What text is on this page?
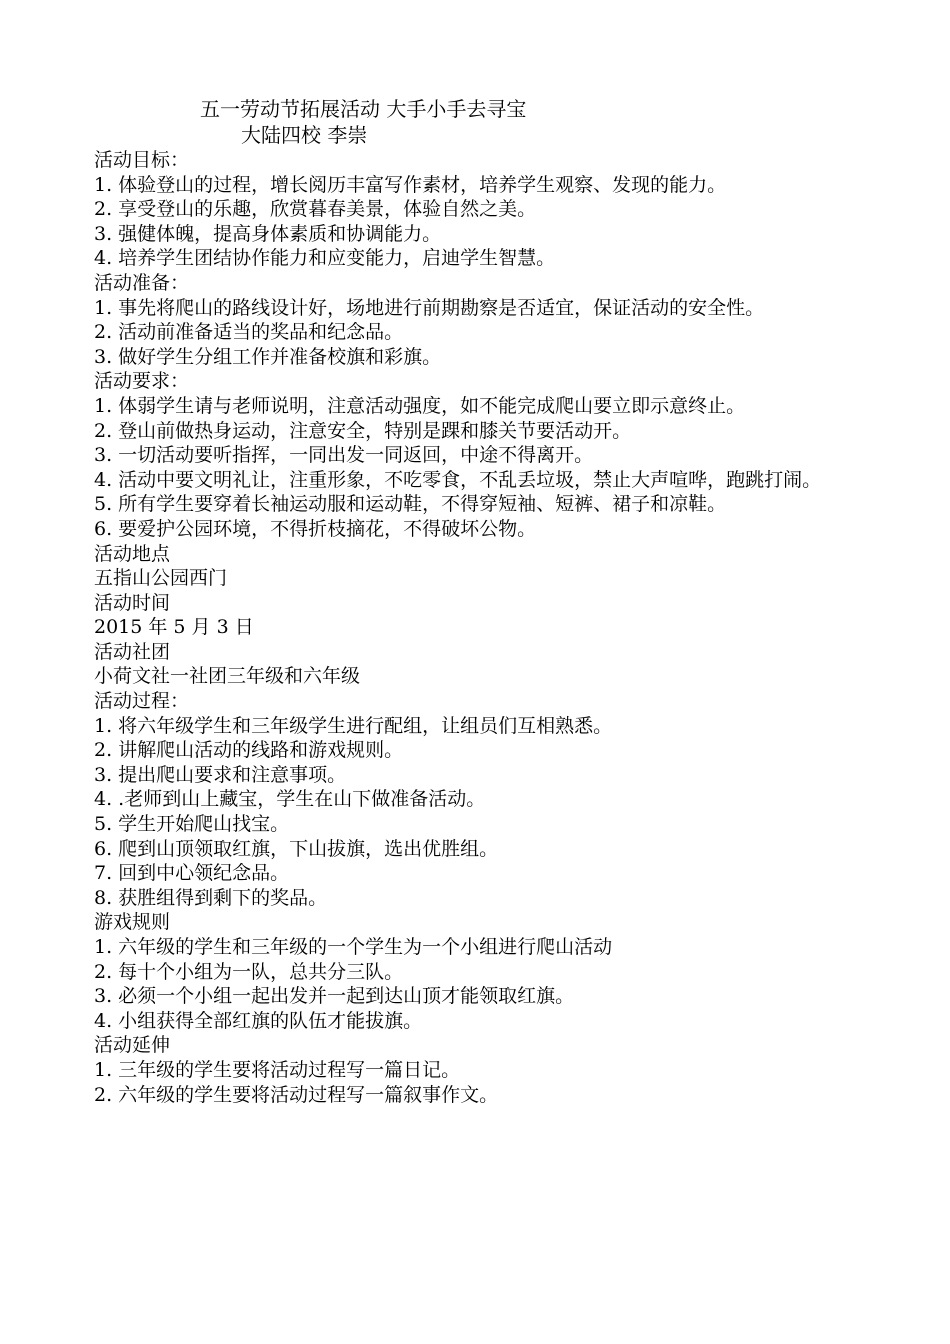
五一劳动节拓展活动 大手小手去寻宝
大陆四校 李崇
活动目标：
1. 体验登山的过程，增长阅历丰富写作素材，培养学生观察、发现的能力。
2. 享受登山的乐趣，欣赏暮春美景，体验自然之美。
3. 强健体魄，提高身体素质和协调能力。
4. 培养学生团结协作能力和应变能力，启迪学生智慧。
活动准备：
1. 事先将爬山的路线设计好，场地进行前期勘察是否适宜，保证活动的安全性。
2. 活动前准备适当的奖品和纪念品。
3. 做好学生分组工作并准备校旗和彩旗。
活动要求：
1. 体弱学生请与老师说明，注意活动强度，如不能完成爬山要立即示意终止。
2. 登山前做热身运动，注意安全，特别是踝和膝关节要活动开。
3. 一切活动要听指挥，一同出发一同返回，中途不得离开。
4. 活动中要文明礼让，注重形象，不吃零食，不乱丢垃圾，禁止大声喧哗，跑跳打闹。
5. 所有学生要穿着长袖运动服和运动鞋，不得穿短袖、短裤、裙子和凉鞋。
6. 要爱护公园环境，不得折枝摘花，不得破坏公物。
活动地点
五指山公园西门
活动时间
2015 年 5 月 3 日
活动社团
小荷文社一社团三年级和六年级
活动过程：
1. 将六年级学生和三年级学生进行配组，让组员们互相熟悉。
2. 讲解爬山活动的线路和游戏规则。
3. 提出爬山要求和注意事项。
4. .老师到山上藏宝，学生在山下做准备活动。
5. 学生开始爬山找宝。
6. 爬到山顶领取红旗，下山拔旗，选出优胜组。
7. 回到中心领纪念品。
8. 获胜组得到剩下的奖品。
游戏规则
1. 六年级的学生和三年级的一个学生为一个小组进行爬山活动
2. 每十个小组为一队，总共分三队。
3. 必须一个小组一起出发并一起到达山顶才能领取红旗。
4. 小组获得全部红旗的队伍才能拔旗。
活动延伸
1. 三年级的学生要将活动过程写一篇日记。
2. 六年级的学生要将活动过程写一篇叙事作文。
